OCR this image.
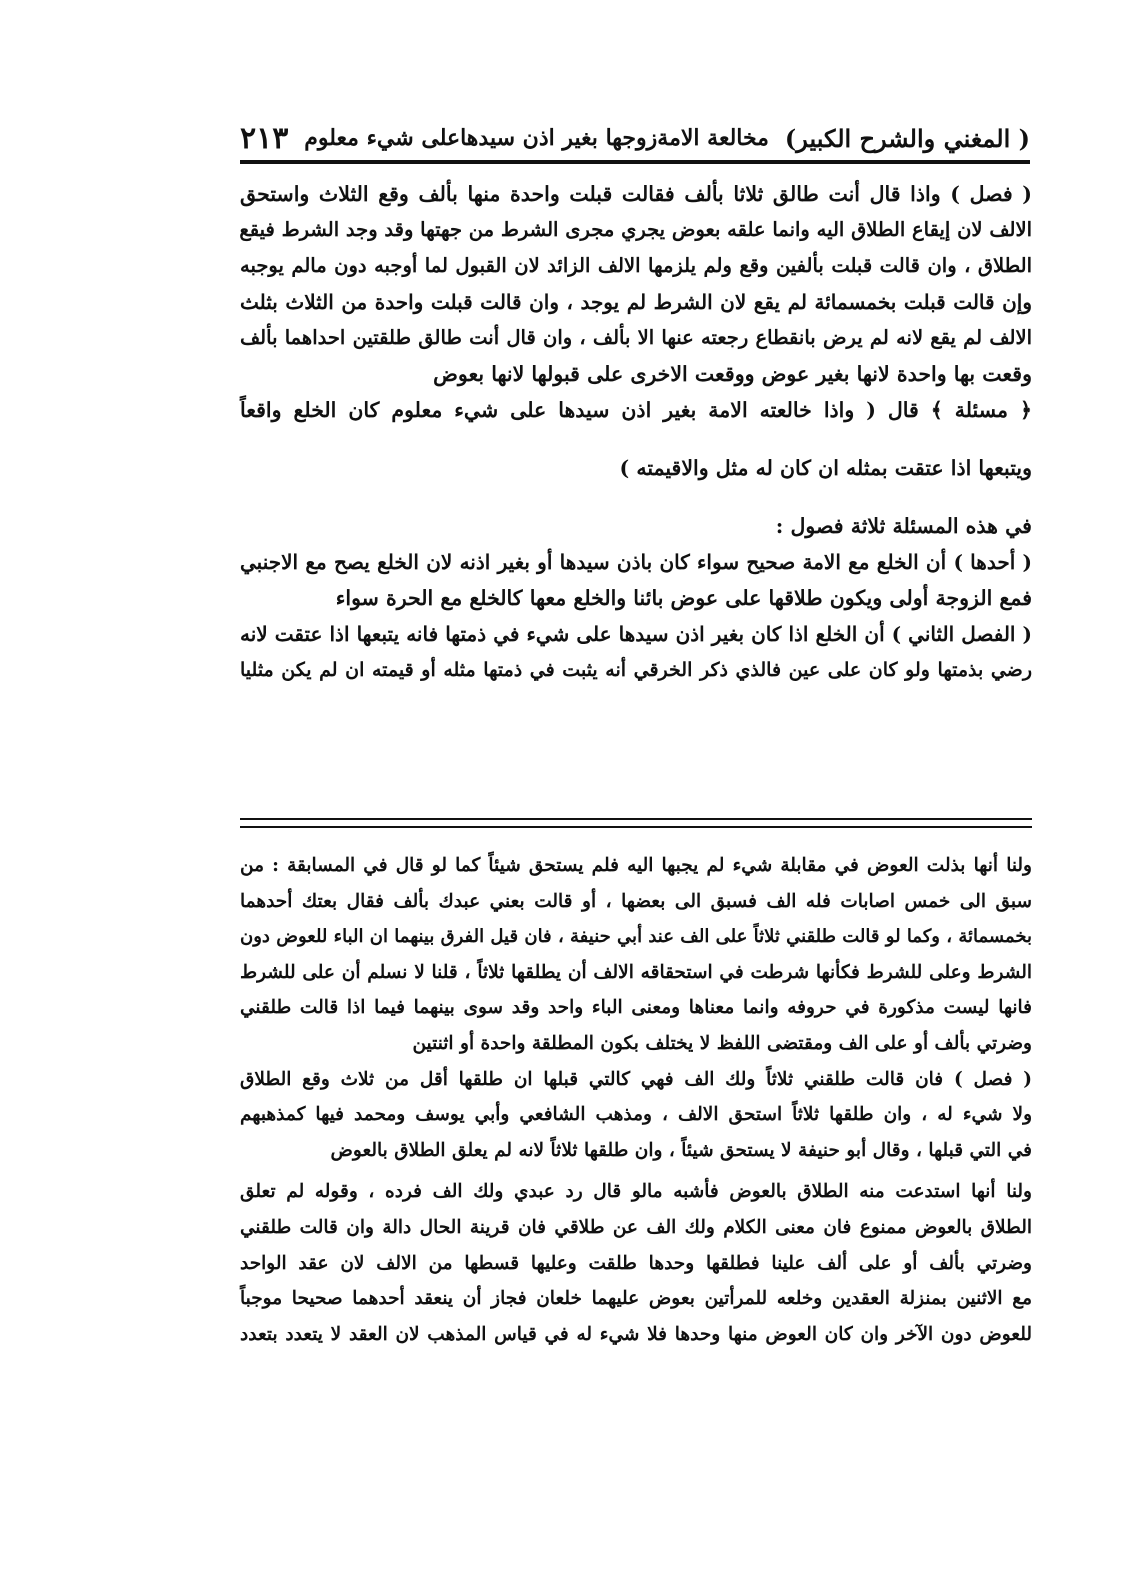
( المغني والشرح الكبير)
مخالعة الامةزوجها بغير اذن سيدهاعلى شيء معلوم
٢١٣
( فصل ) واذا قال أنت طالق ثلاثا بألف فقالت قبلت واحدة منها بألف وقع الثلاث واستحق
الالف لان إيقاع الطلاق اليه وانما علقه بعوض يجري مجرى الشرط من جهتها وقد وجد الشرط فيقع
الطلاق ، وان قالت قبلت بألفين وقع ولم يلزمها الالف الزائد لان القبول لما أوجبه دون مالم يوجبه
وإن قالت قبلت بخمسمائة لم يقع لان الشرط لم يوجد ، وان قالت قبلت واحدة من الثلاث بثلث
الالف لم يقع لانه لم يرض بانقطاع رجعته عنها الا بألف ، وان قال أنت طالق طلقتين احداهما بألف
وقعت بها واحدة لانها بغير عوض ووقعت الاخرى على قبولها لانها بعوض
﴿ مسئلة ﴾ قال ( واذا خالعته الامة بغير اذن سيدها على شيء معلوم كان الخلع واقعاً
ويتبعها اذا عتقت بمثله ان كان له مثل والاقيمته )
في هذه المسئلة ثلاثة فصول :
( أحدها ) أن الخلع مع الامة صحيح سواء كان باذن سيدها أو بغير اذنه لان الخلع يصح مع الاجنبي
فمع الزوجة أولى ويكون طلاقها على عوض بائنا والخلع معها كالخلع مع الحرة سواء
( الفصل الثاني ) أن الخلع اذا كان بغير اذن سيدها على شيء في ذمتها فانه يتبعها اذا عتقت لانه
رضي بذمتها ولو كان على عين فالذي ذكر الخرقي أنه يثبت في ذمتها مثله أو قيمته ان لم يكن مثليا
ولنا أنها بذلت العوض في مقابلة شيء لم يجبها اليه فلم يستحق شيئاً كما لو قال في المسابقة : من
سبق الى خمس اصابات فله الف فسبق الى بعضها ، أو قالت بعني عبدك بألف فقال بعتك أحدهما
بخمسمائة ، وكما لو قالت طلقني ثلاثاً على الف عند أبي حنيفة ، فان قيل الفرق بينهما ان الباء للعوض دون
الشرط وعلى للشرط فكأنها شرطت في استحقاقه الالف أن يطلقها ثلاثاً ، قلنا لا نسلم أن على للشرط
فانها ليست مذكورة في حروفه وانما معناها ومعنى الباء واحد وقد سوى بينهما فيما اذا قالت طلقني
وضرتي بألف أو على الف ومقتضى اللفظ لا يختلف بكون المطلقة واحدة أو اثنتين
( فصل ) فان قالت طلقني ثلاثاً ولك الف فهي كالتي قبلها ان طلقها أقل من ثلاث وقع الطلاق
ولا شيء له ، وان طلقها ثلاثاً استحق الالف ، ومذهب الشافعي وأبي يوسف ومحمد فيها كمذهبهم
في التي قبلها ، وقال أبو حنيفة لا يستحق شيئاً ، وان طلقها ثلاثاً لانه لم يعلق الطلاق بالعوض
ولنا أنها استدعت منه الطلاق بالعوض فأشبه مالو قال رد عبدي ولك الف فرده ، وقوله لم تعلق
الطلاق بالعوض ممنوع فان معنى الكلام ولك الف عن طلاقي فان قرينة الحال دالة وان قالت طلقني
وضرتي بألف أو على ألف علينا فطلقها وحدها طلقت وعليها قسطها من الالف لان عقد الواحد
مع الاثنين بمنزلة العقدين وخلعه للمرأتين بعوض عليهما خلعان فجاز أن ينعقد أحدهما صحيحا موجباً
للعوض دون الآخر وان كان العوض منها وحدها فلا شيء له في قياس المذهب لان العقد لا يتعدد بتعدد
